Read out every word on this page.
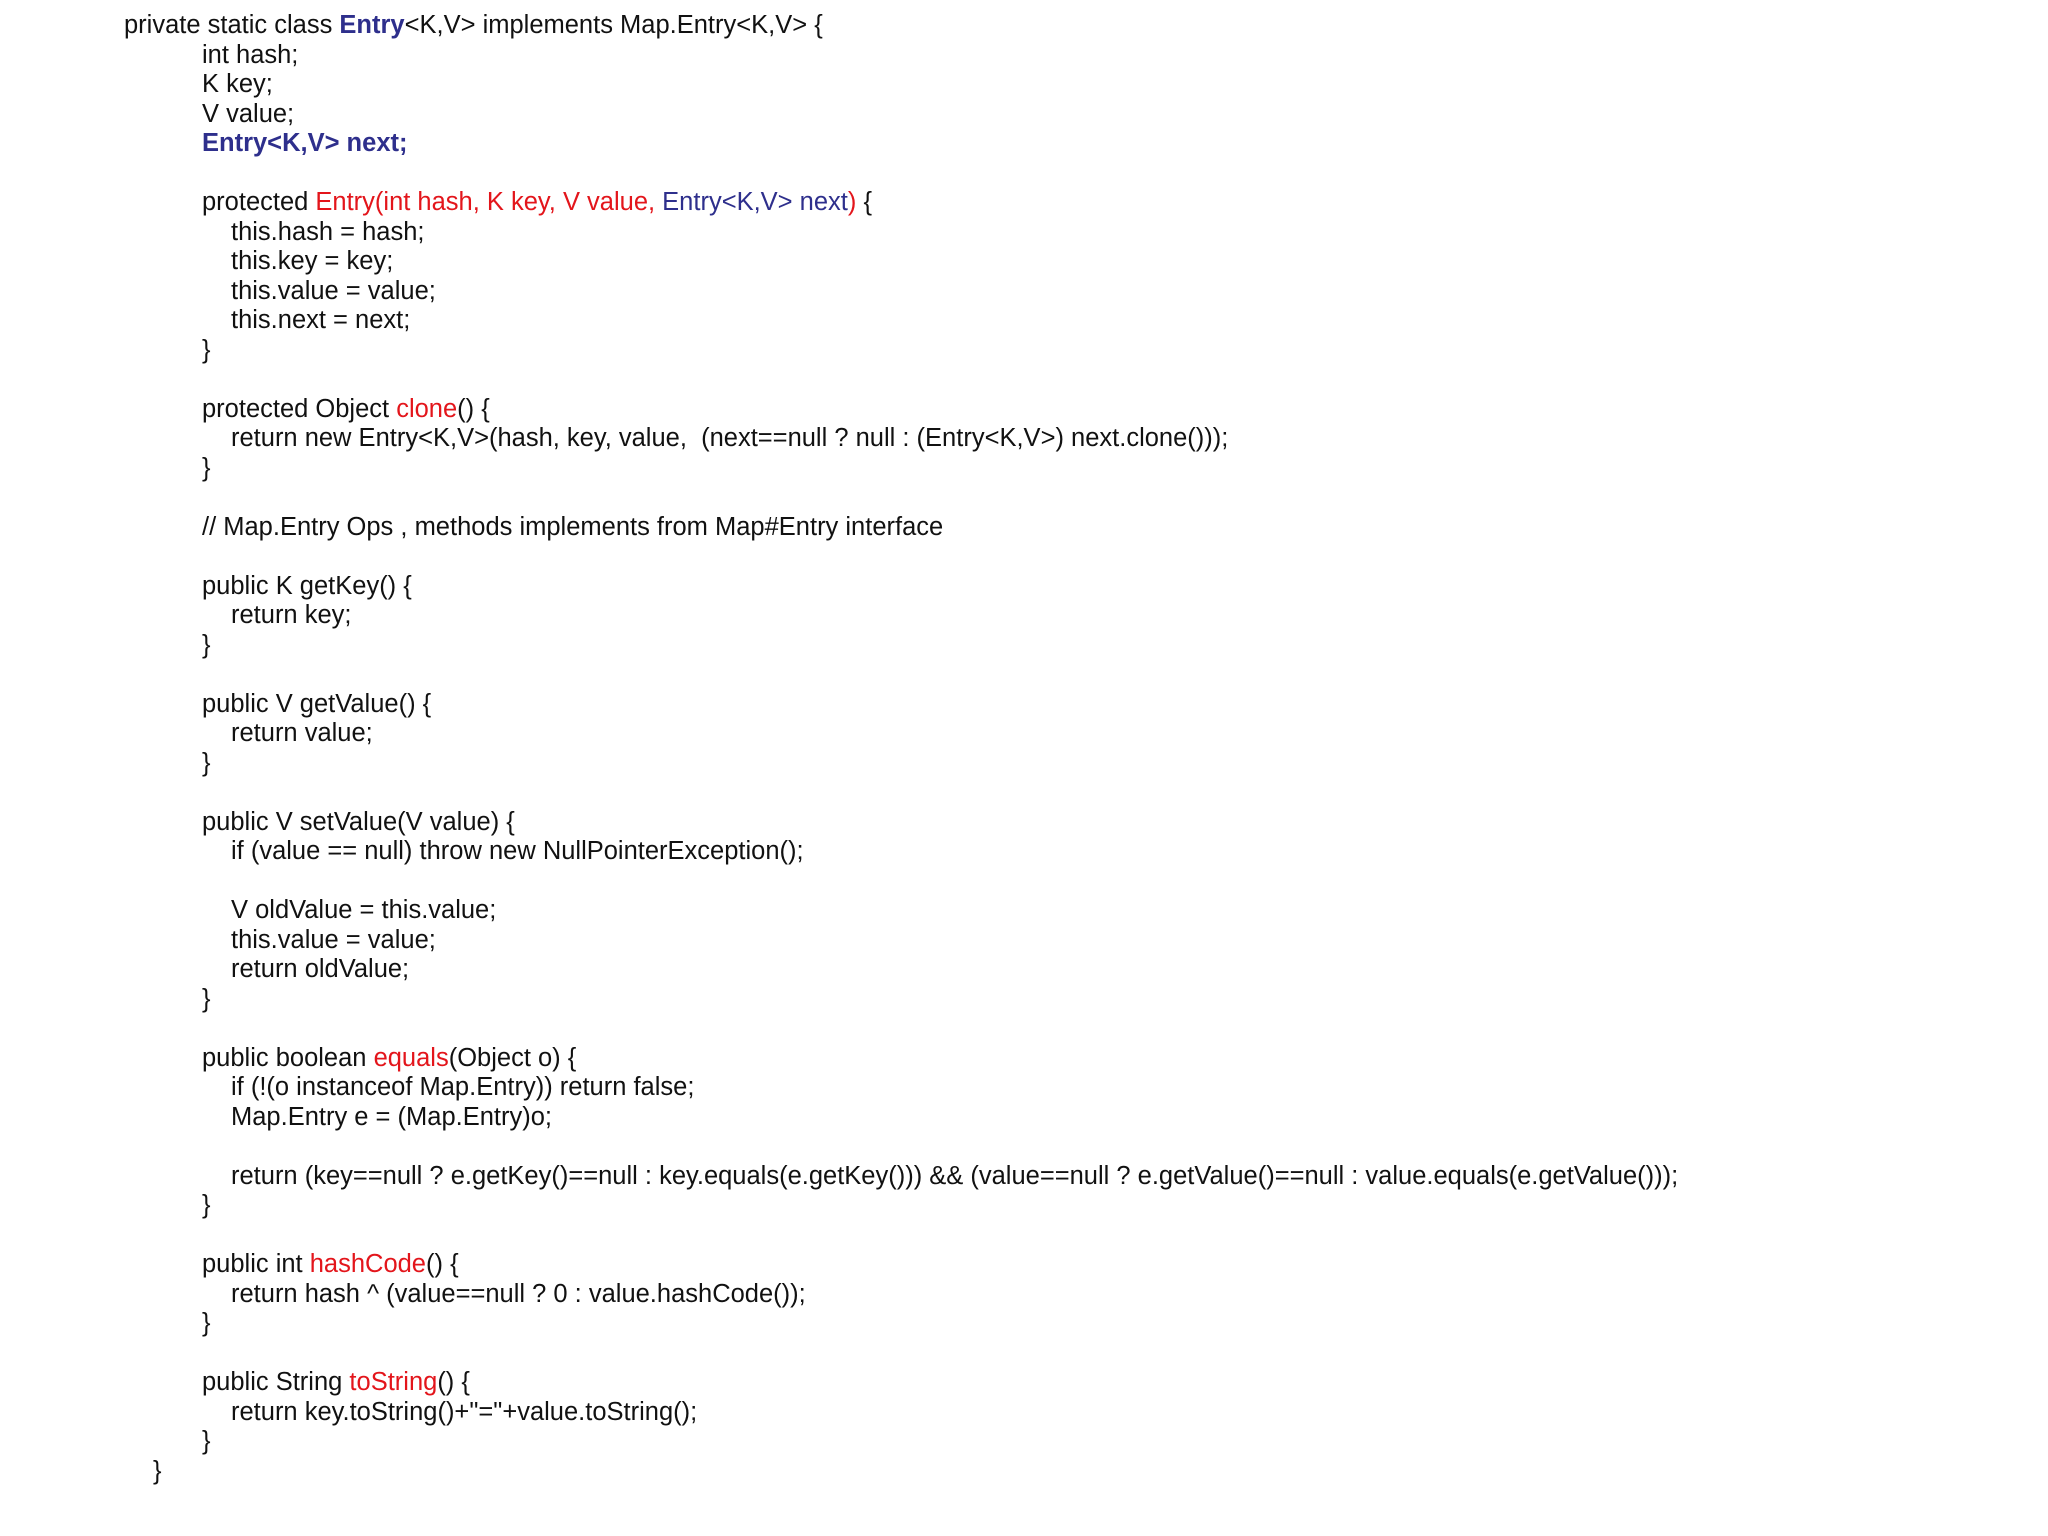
private static class Entry<K,V> implements Map.Entry<K,V> {
int hash;
K key;
V value;
Entry<K,V> next;
protected Entry(int hash, K key, V value, Entry<K,V> next) {
this.hash = hash;
this.key = key;
this.value = value;
this.next = next;
}
protected Object clone() {
return new Entry<K,V>(hash, key, value,  (next==null ? null : (Entry<K,V>) next.clone()));
}
// Map.Entry Ops , methods implements from Map#Entry interface
public K getKey() {
return key;
}
public V getValue() {
return value;
}
public V setValue(V value) {
if (value == null) throw new NullPointerException();
V oldValue = this.value;
this.value = value;
return oldValue;
}
public boolean equals(Object o) {
if (!(o instanceof Map.Entry)) return false;
Map.Entry e = (Map.Entry)o;
return (key==null ? e.getKey()==null : key.equals(e.getKey())) && (value==null ? e.getValue()==null : value.equals(e.getValue()));
}
public int hashCode() {
return hash ^ (value==null ? 0 : value.hashCode());
}
public String toString() {
return key.toString()+"="+value.toString();
}
}
